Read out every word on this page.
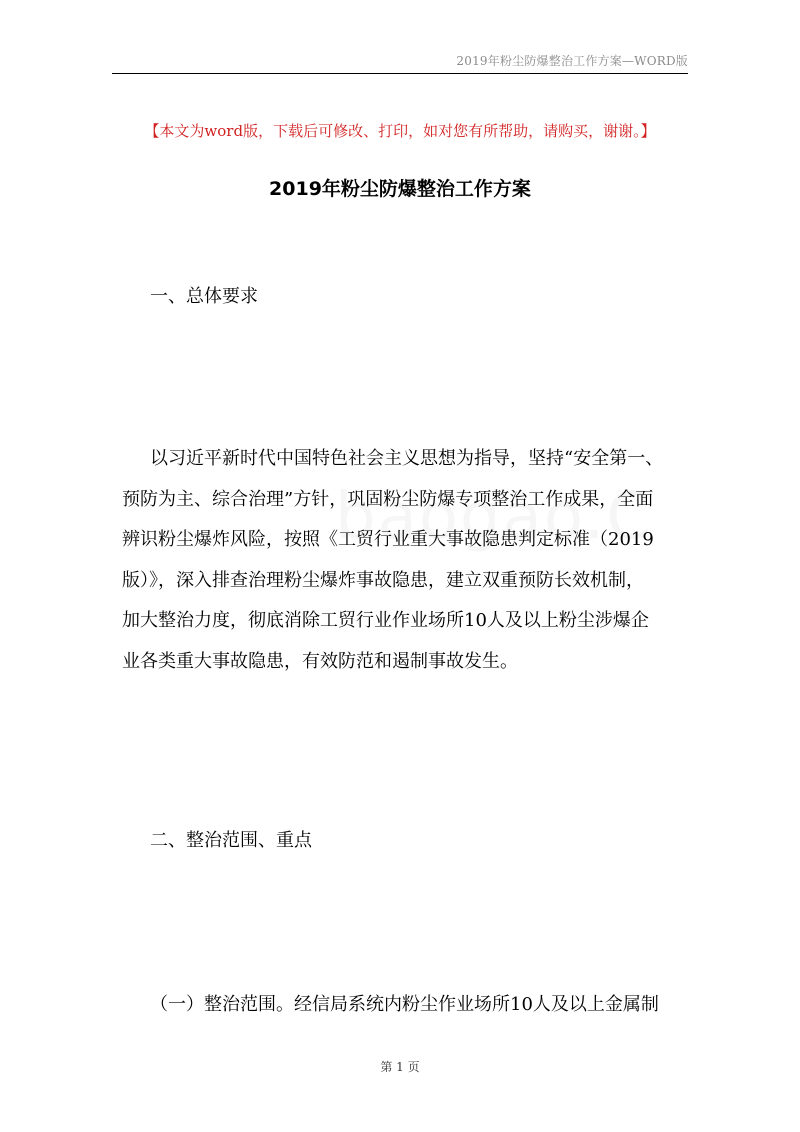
2019年粉尘防爆整治工作方案—WORD版
【本文为word版，下载后可修改、打印，如对您有所帮助，请购买，谢谢。】
2019年粉尘防爆整治工作方案
一、总体要求
以习近平新时代中国特色社会主义思想为指导，坚持“安全第一、
预防为主、综合治理”方针，巩固粉尘防爆专项整治工作成果，全面
辨识粉尘爆炸风险，按照《工贸行业重大事故隐患判定标准（2019
版）》，深入排查治理粉尘爆炸事故隐患，建立双重预防长效机制，
加大整治力度，彻底消除工贸行业作业场所10人及以上粉尘涉爆企
业各类重大事故隐患，有效防范和遏制事故发生。
二、整治范围、重点
（一）整治范围。经信局系统内粉尘作业场所10人及以上金属制
第 1 页
